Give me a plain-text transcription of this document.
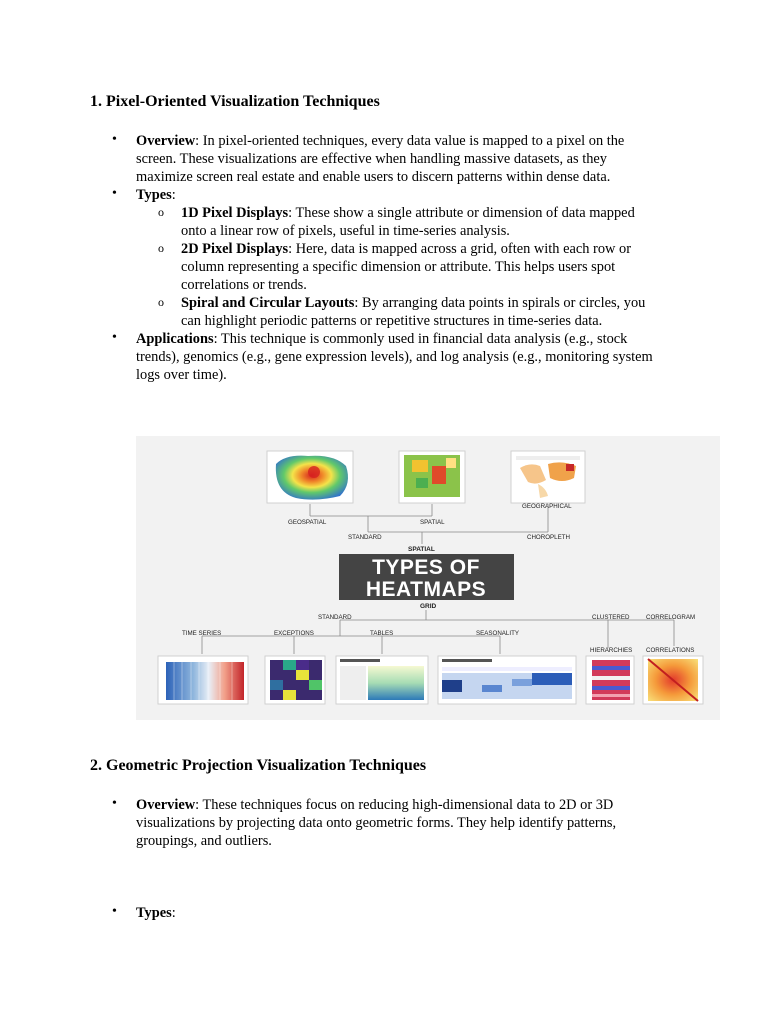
1. Pixel-Oriented Visualization Techniques
• Overview: In pixel-oriented techniques, every data value is mapped to a pixel on the
screen. These visualizations are effective when handling massive datasets, as they
maximize screen real estate and enable users to discern patterns within dense data.
• Types:
o 1D Pixel Displays: These show a single attribute or dimension of data mapped
onto a linear row of pixels, useful in time-series analysis.
o 2D Pixel Displays: Here, data is mapped across a grid, often with each row or
column representing a specific dimension or attribute. This helps users spot
correlations or trends.
o Spiral and Circular Layouts: By arranging data points in spirals or circles, you
can highlight periodic patterns or repetitive structures in time-series data.
• Applications: This technique is commonly used in financial data analysis (e.g., stock
trends), genomics (e.g., gene expression levels), and log analysis (e.g., monitoring system
logs over time).
GEOSPATIAL	SPATIAL
GEOGRAPHICAL
STANDARD	CHOROPLETH
SPATIAL
TYPES OF
HEATMAPS
GRID
STANDARD	CLUSTERED	CORRELOGRAM
TIME SERIES	EXCEPTIONS	TABLES	SEASONALITY
HIERARCHIES CORRELATIONS
2. Geometric Projection Visualization Techniques
• Overview: These techniques focus on reducing high-dimensional data to 2D or 3D
visualizations by projecting data onto geometric forms. They help identify patterns,
groupings, and outliers.
• Types:
